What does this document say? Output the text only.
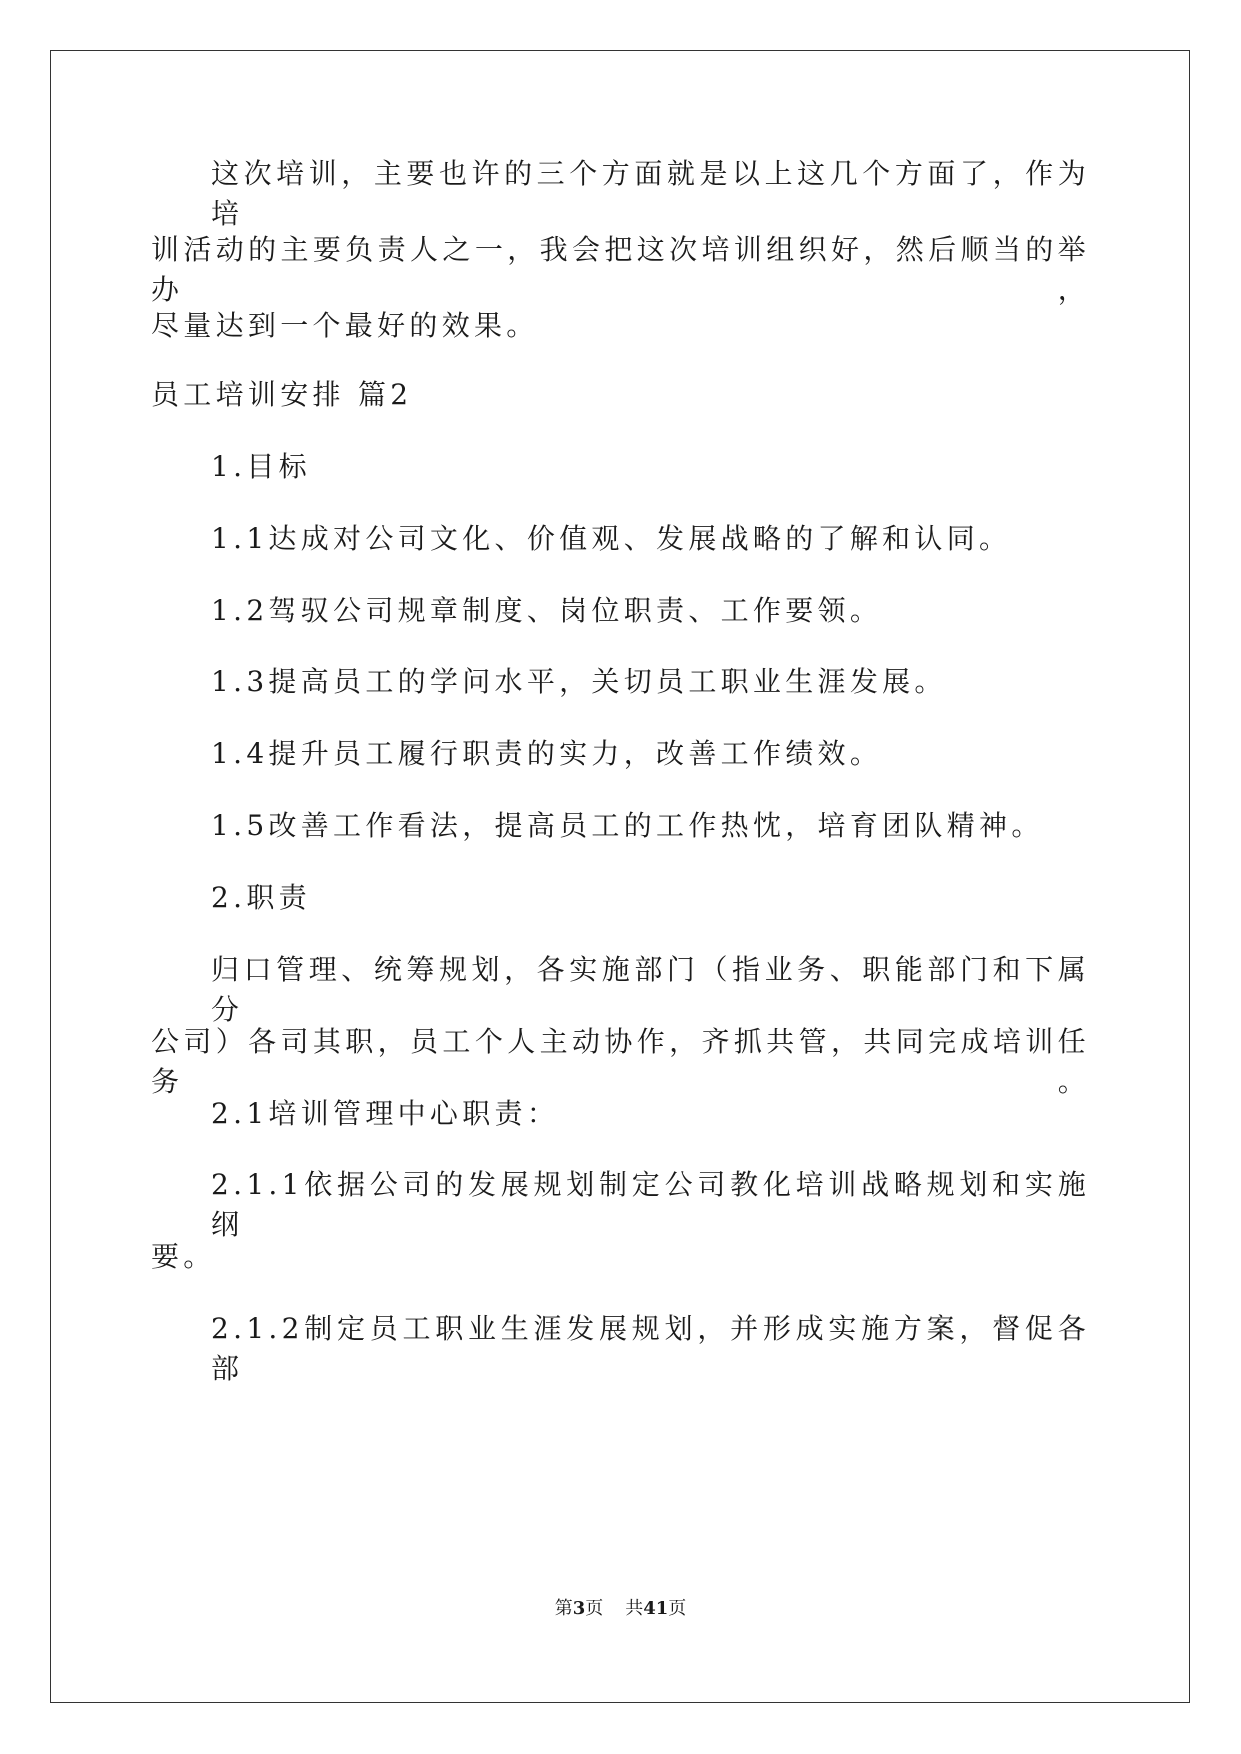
这次培训，主要也许的三个方面就是以上这几个方面了，作为培
训活动的主要负责人之一，我会把这次培训组织好，然后顺当的举办，
尽量达到一个最好的效果。
员工培训安排 篇2
1.目标
1.1达成对公司文化、价值观、发展战略的了解和认同。
1.2驾驭公司规章制度、岗位职责、工作要领。
1.3提高员工的学问水平，关切员工职业生涯发展。
1.4提升员工履行职责的实力，改善工作绩效。
1.5改善工作看法，提高员工的工作热忱，培育团队精神。
2.职责
归口管理、统筹规划，各实施部门（指业务、职能部门和下属分
公司）各司其职，员工个人主动协作，齐抓共管，共同完成培训任务。
2.1培训管理中心职责：
2.1.1依据公司的发展规划制定公司教化培训战略规划和实施纲
要。
2.1.2制定员工职业生涯发展规划，并形成实施方案，督促各部
第3页 共41页
